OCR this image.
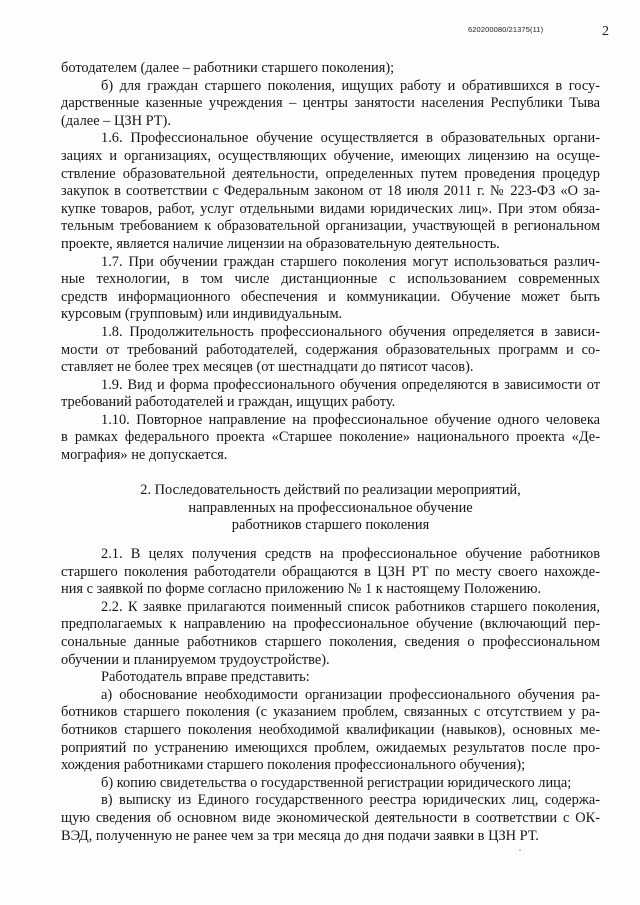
620200080/21375(11)	2
ботодателем (далее – работники старшего поколения);
б) для граждан старшего поколения, ищущих работу и обратившихся в госу-
дарственные казенные учреждения – центры занятости населения Республики Тыва
(далее – ЦЗН РТ).
1.6. Профессиональное обучение осуществляется в образовательных органи-
зациях и организациях, осуществляющих обучение, имеющих лицензию на осуще-
ствление образовательной деятельности, определенных путем проведения процедур
закупок в соответствии с Федеральным законом от 18 июля 2011 г. № 223-ФЗ «О за-
купке товаров, работ, услуг отдельными видами юридических лиц». При этом обяза-
тельным требованием к образовательной организации, участвующей в региональном
проекте, является наличие лицензии на образовательную деятельность.
1.7. При обучении граждан старшего поколения могут использоваться различ-
ные технологии, в том числе дистанционные с использованием современных
средств информационного обеспечения и коммуникации. Обучение может быть
курсовым (групповым) или индивидуальным.
1.8. Продолжительность профессионального обучения определяется в зависи-
мости от требований работодателей, содержания образовательных программ и со-
ставляет не более трех месяцев (от шестнадцати до пятисот часов).
1.9. Вид и форма профессионального обучения определяются в зависимости от
требований работодателей и граждан, ищущих работу.
1.10. Повторное направление на профессиональное обучение одного человека
в рамках федерального проекта «Старшее поколение» национального проекта «Де-
мография» не допускается.
2. Последовательность действий по реализации мероприятий,
направленных на профессиональное обучение
работников старшего поколения
2.1. В целях получения средств на профессиональное обучение работников
старшего поколения работодатели обращаются в ЦЗН РТ по месту своего нахожде-
ния с заявкой по форме согласно приложению № 1 к настоящему Положению.
2.2. К заявке прилагаются поименный список работников старшего поколения,
предполагаемых к направлению на профессиональное обучение (включающий пер-
сональные данные работников старшего поколения, сведения о профессиональном
обучении и планируемом трудоустройстве).
Работодатель вправе представить:
а) обоснование необходимости организации профессионального обучения ра-
ботников старшего поколения (с указанием проблем, связанных с отсутствием у ра-
ботников старшего поколения необходимой квалификации (навыков), основных ме-
роприятий по устранению имеющихся проблем, ожидаемых результатов после про-
хождения работниками старшего поколения профессионального обучения);
б) копию свидетельства о государственной регистрации юридического лица;
в) выписку из Единого государственного реестра юридических лиц, содержа-
щую сведения об основном виде экономической деятельности в соответствии с ОК-
ВЭД, полученную не ранее чем за три месяца до дня подачи заявки в ЦЗН РТ.
